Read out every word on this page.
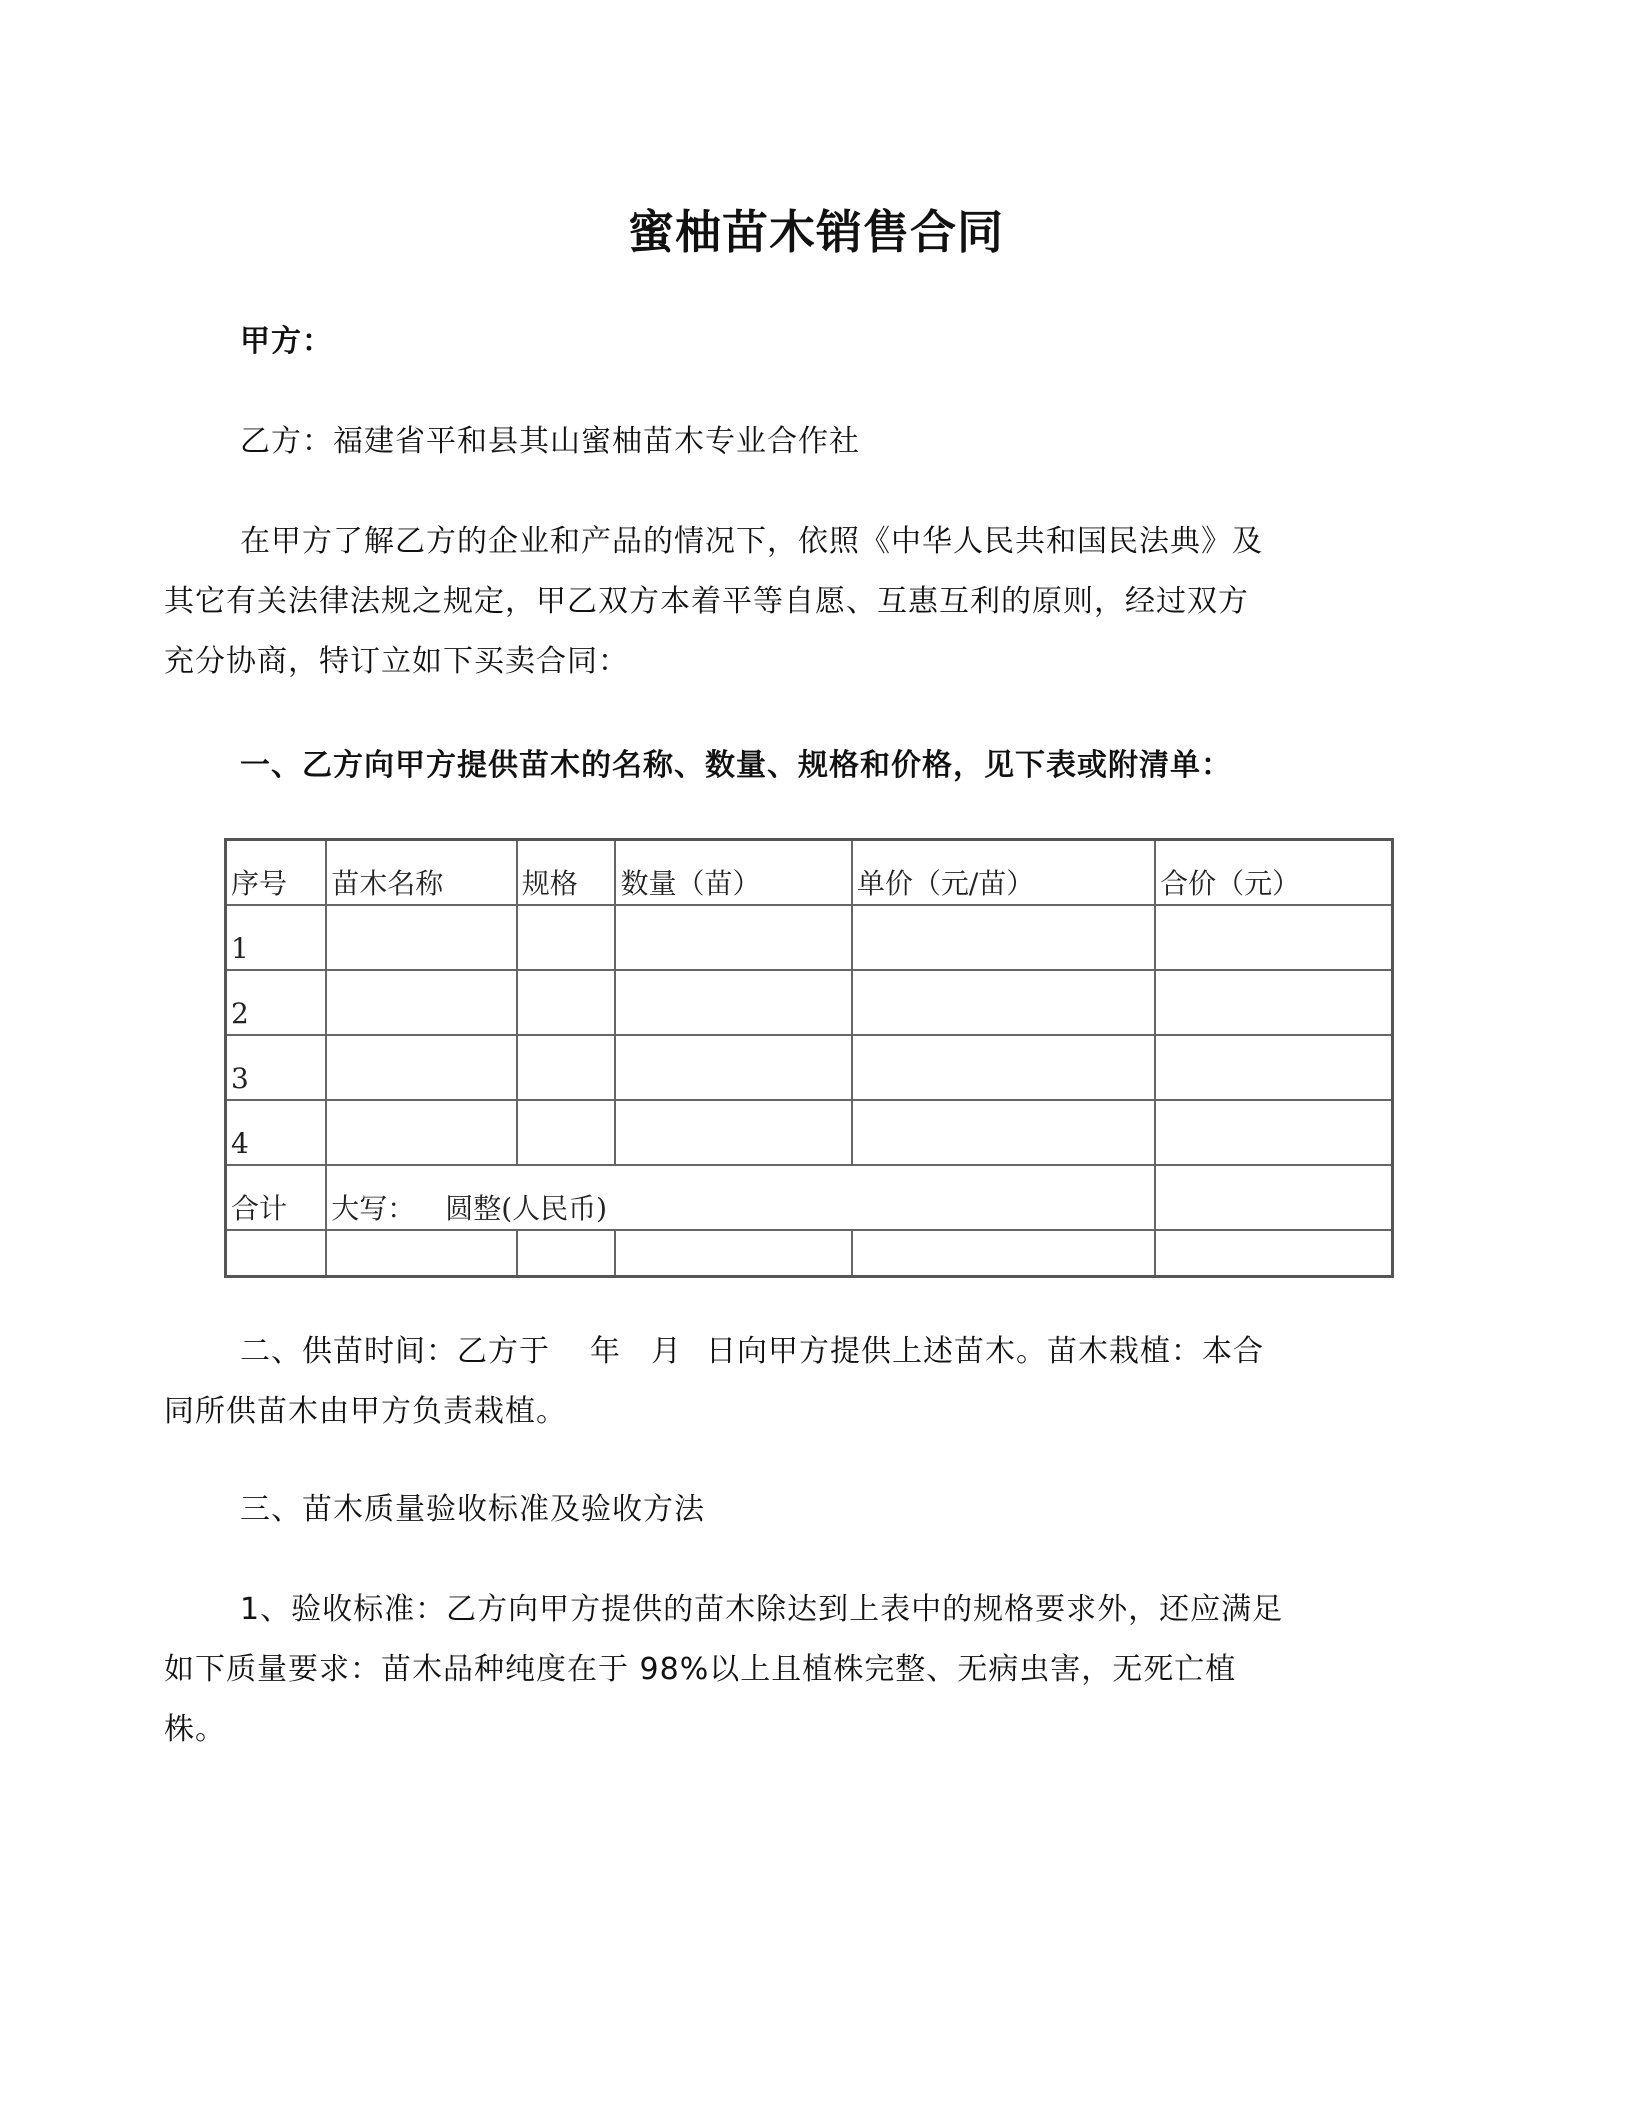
蜜柚苗木销售合同
甲方：
乙方：福建省平和县其山蜜柚苗木专业合作社
在甲方了解乙方的企业和产品的情况下，依照《中华人民共和国民法典》及
其它有关法律法规之规定，甲乙双方本着平等自愿、互惠互利的原则，经过双方
充分协商，特订立如下买卖合同：
一、乙方向甲方提供苗木的名称、数量、规格和价格，见下表或附清单：
序号	苗木名称	规格	数量（苗）	单价（元/苗）	合价（元）
1					
2					
3					
4					
合计	大写： 圆整(人民币)				

二、供苗时间：乙方于 年 月 日向甲方提供上述苗木。苗木栽植：本合
同所供苗木由甲方负责栽植。
三、苗木质量验收标准及验收方法
1、验收标准：乙方向甲方提供的苗木除达到上表中的规格要求外，还应满足
如下质量要求：苗木品种纯度在于 98%以上且植株完整、无病虫害，无死亡植
株。
